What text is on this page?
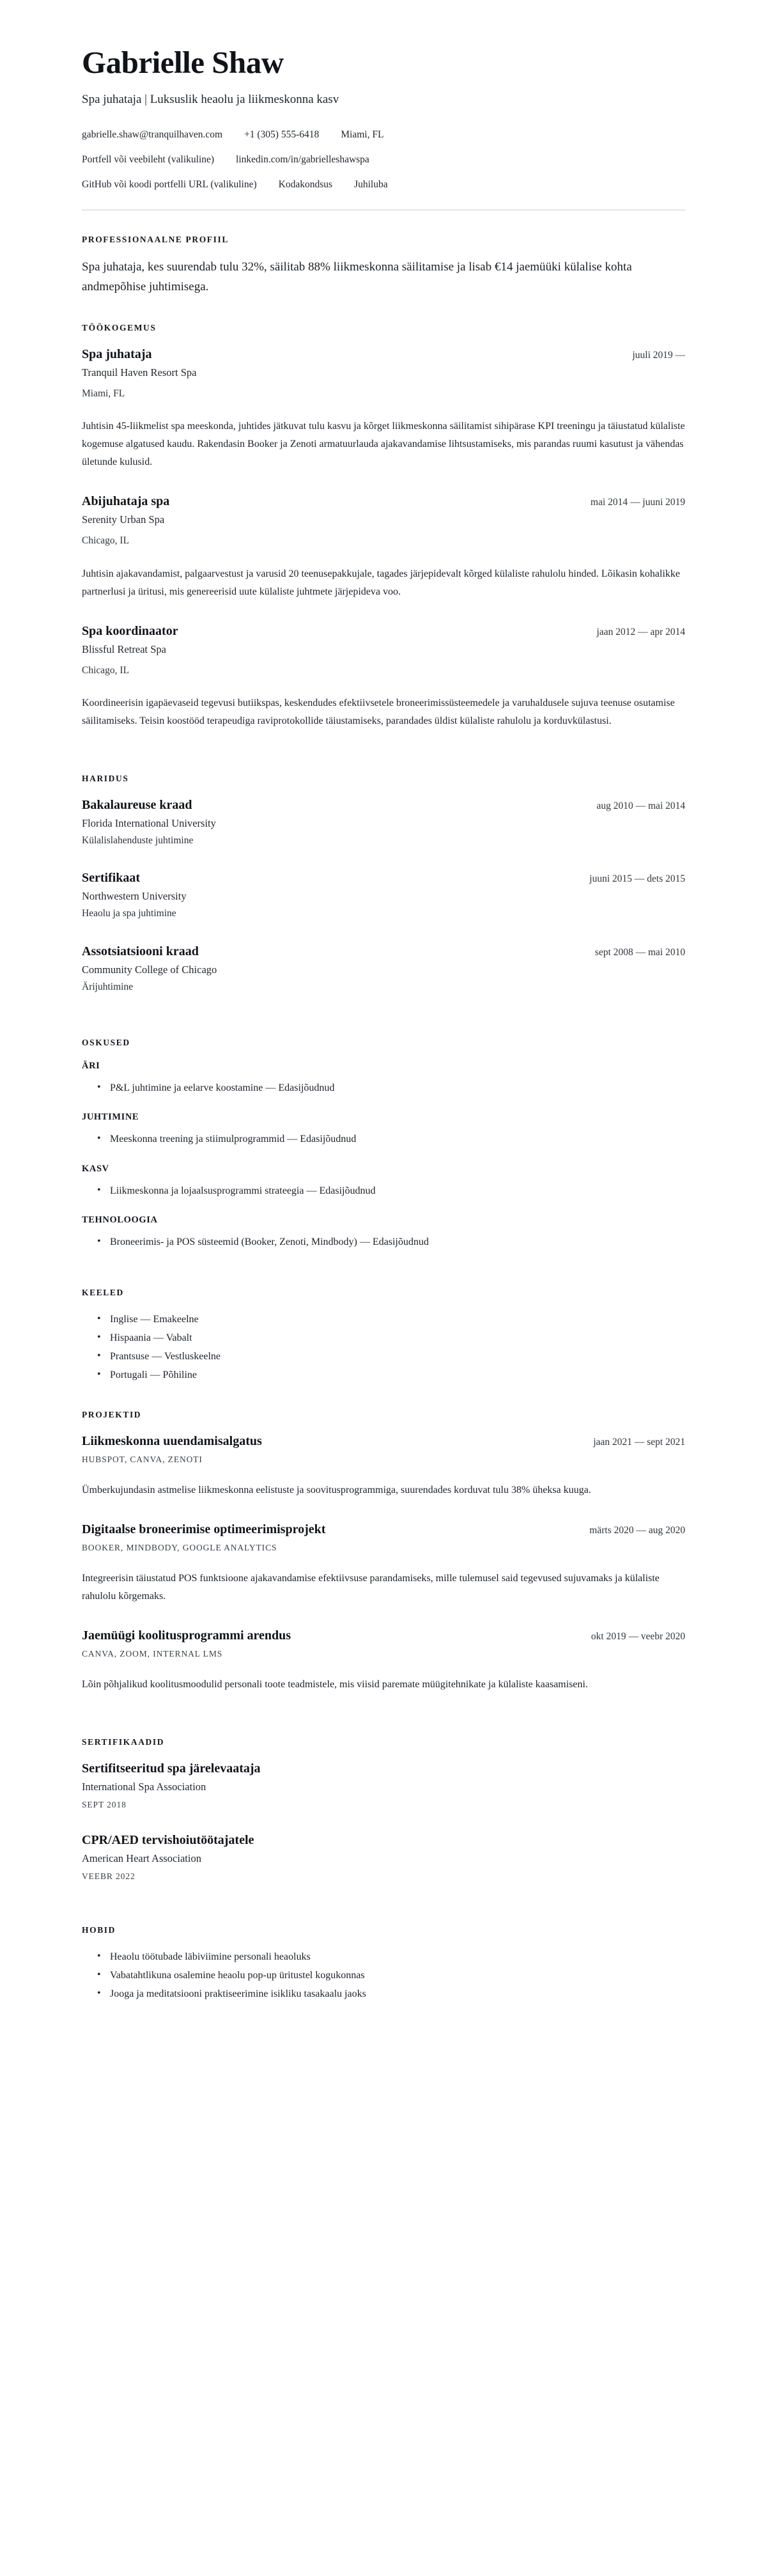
Gabrielle Shaw
Spa juhataja | Luksuslik heaolu ja liikmeskonna kasv
gabrielle.shaw@tranquilhaven.com +1 (305) 555-6418 Miami, FL
Portfell või veebileht (valikuline) linkedin.com/in/gabrielleshawspa
GitHub või koodi portfelli URL (valikuline) Kodakondsus Juhiluba
PROFESSIONAALNE PROFIIL

Spa juhataja, kes suurendab tulu 32%, säilitab 88% liikmeskonna säilitamise ja lisab €14 jaemüüki külalise kohta andmepõhise juhtimisega.

TÖÖKOGEMUS
Spa juhataja	juuli 2019 —
Tranquil Haven Resort Spa
Miami, FL
Juhtisin 45-liikmelist spa meeskonda, juhtides jätkuvat tulu kasvu ja kõrget liikmeskonna säilitamist sihipärase KPI treeningu ja täiustatud külaliste kogemuse algatused kaudu. Rakendasin Booker ja Zenoti armatuurlauda ajakavandamise lihtsustamiseks, mis parandas ruumi kasutust ja vähendas ületunde kulusid.
Abijuhataja spa	mai 2014 — juuni 2019
Serenity Urban Spa
Chicago, IL
Juhtisin ajakavandamist, palgaarvestust ja varusid 20 teenusepakkujale, tagades järjepidevalt kõrged külaliste rahulolu hinded. Lõikasin kohalikke partnerlusi ja üritusi, mis genereerisid uute külaliste juhtmete järjepideva voo.
Spa koordinaator	jaan 2012 — apr 2014
Blissful Retreat Spa
Chicago, IL
Koordineerisin igapäevaseid tegevusi butiikspas, keskendudes efektiivsetele broneerimissüsteemedele ja varuhaldusele sujuva teenuse osutamise säilitamiseks. Teisin koostööd terapeudiga raviprotokollide täiustamiseks, parandades üldist külaliste rahulolu ja korduvkülastusi.
HARIDUS
Bakalaureuse kraad	aug 2010 — mai 2014
Florida International University
Külalislahenduste juhtimine
Sertifikaat	juuni 2015 — dets 2015
Northwestern University
Heaolu ja spa juhtimine
Assotsiatsiooni kraad	sept 2008 — mai 2010
Community College of Chicago
Ärijuhtimine
OSKUSED
ÄRI
• P&L juhtimine ja eelarve koostamine — Edasijõudnud
JUHTIMINE
• Meeskonna treening ja stiimulprogrammid — Edasijõudnud
KASV
• Liikmeskonna ja lojaalsusprogrammi strateegia — Edasijõudnud
TEHNOLOOGIA
• Broneerimis- ja POS süsteemid (Booker, Zenoti, Mindbody) — Edasijõudnud
KEELED
• Inglise — Emakeelne
• Hispaania — Vabalt
• Prantsuse — Vestluskeelne
• Portugali — Põhiline
PROJEKTID
Liikmeskonna uuendamisalgatus	jaan 2021 — sept 2021
HUBSPOT, CANVA, ZENOTI
Ümberkujundasin astmelise liikmeskonna eelistuste ja soovitusprogrammiga, suurendades korduvat tulu 38% üheksa kuuga.
Digitaalse broneerimise optimeerimisprojekt	märts 2020 — aug 2020
BOOKER, MINDBODY, GOOGLE ANALYTICS
Integreerisin täiustatud POS funktsioone ajakavandamise efektiivsuse parandamiseks, mille tulemusel said tegevused sujuvamaks ja külaliste rahulolu kõrgemaks.
Jaemüügi koolitusprogrammi arendus	okt 2019 — veebr 2020
CANVA, ZOOM, INTERNAL LMS
Lõin põhjalikud koolitusmoodulid personali toote teadmistele, mis viisid paremate müügitehnikate ja külaliste kaasamiseni.
SERTIFIKAADID
Sertifitseeritud spa järelevaataja
International Spa Association
SEPT 2018
CPR/AED tervishoiutöötajatele
American Heart Association
VEEBR 2022
HOBID
• Heaolu töötubade läbiviimine personali heaoluks
• Vabatahtlikuna osalemine heaolu pop-up üritustel kogukonnas
• Jooga ja meditatsiooni praktiseerimine isikliku tasakaalu jaoks
